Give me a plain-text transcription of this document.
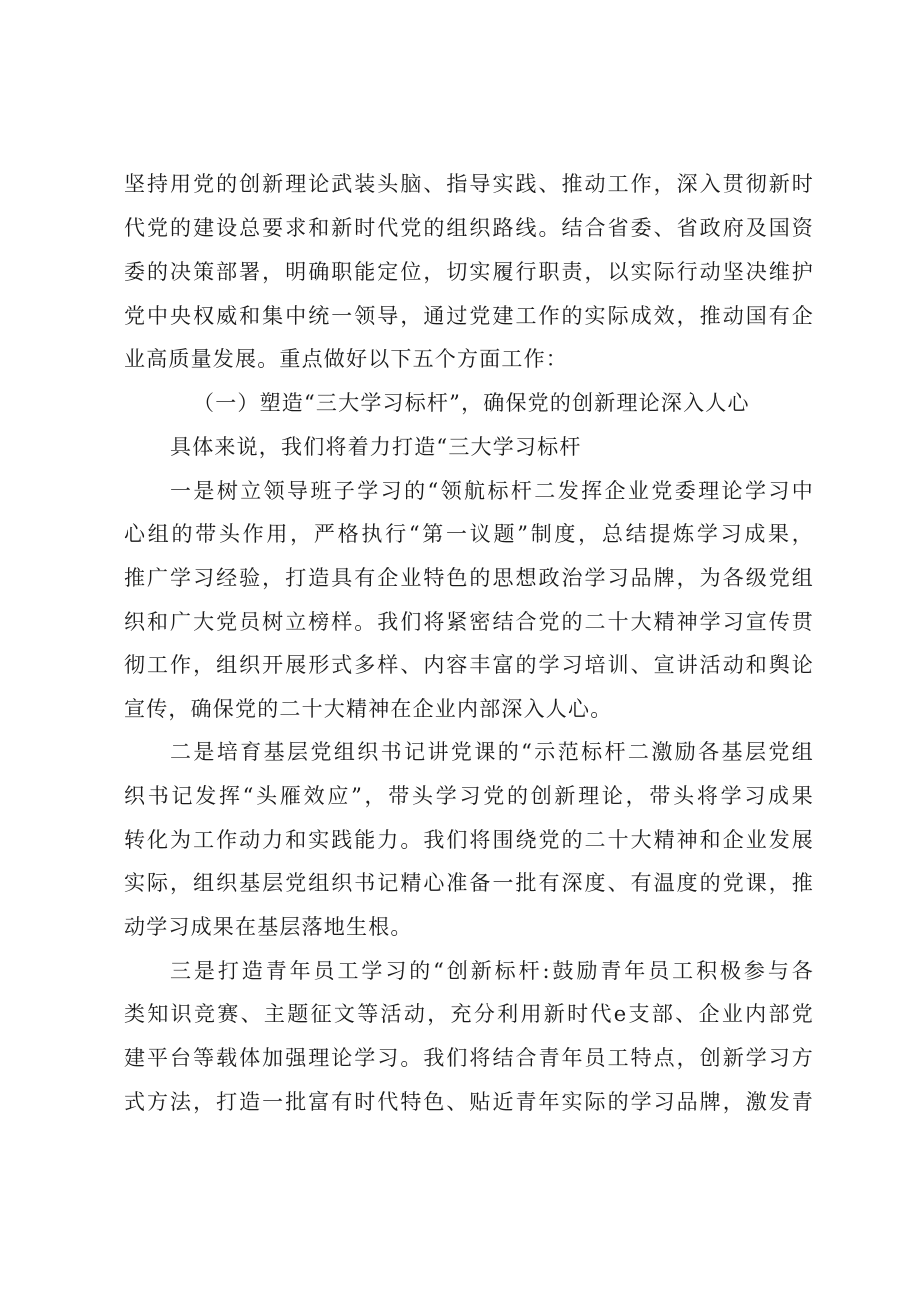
坚持用党的创新理论武装头脑、指导实践、推动工作，深入贯彻新时
代党的建设总要求和新时代党的组织路线。结合省委、省政府及国资
委的决策部署，明确职能定位，切实履行职责，以实际行动坚决维护
党中央权威和集中统一领导，通过党建工作的实际成效，推动国有企
业高质量发展。重点做好以下五个方面工作：
（一）塑造“三大学习标杆”，确保党的创新理论深入人心
具体来说，我们将着力打造“三大学习标杆
一是树立领导班子学习的“领航标杆二发挥企业党委理论学习中
心组的带头作用，严格执行“第一议题”制度，总结提炼学习成果，
推广学习经验，打造具有企业特色的思想政治学习品牌，为各级党组
织和广大党员树立榜样。我们将紧密结合党的二十大精神学习宣传贯
彻工作，组织开展形式多样、内容丰富的学习培训、宣讲活动和舆论
宣传，确保党的二十大精神在企业内部深入人心。
二是培育基层党组织书记讲党课的“示范标杆二激励各基层党组
织书记发挥“头雁效应”，带头学习党的创新理论，带头将学习成果
转化为工作动力和实践能力。我们将围绕党的二十大精神和企业发展
实际，组织基层党组织书记精心准备一批有深度、有温度的党课，推
动学习成果在基层落地生根。
三是打造青年员工学习的“创新标杆:鼓励青年员工积极参与各
类知识竞赛、主题征文等活动，充分利用新时代e支部、企业内部党
建平台等载体加强理论学习。我们将结合青年员工特点，创新学习方
式方法，打造一批富有时代特色、贴近青年实际的学习品牌，激发青
